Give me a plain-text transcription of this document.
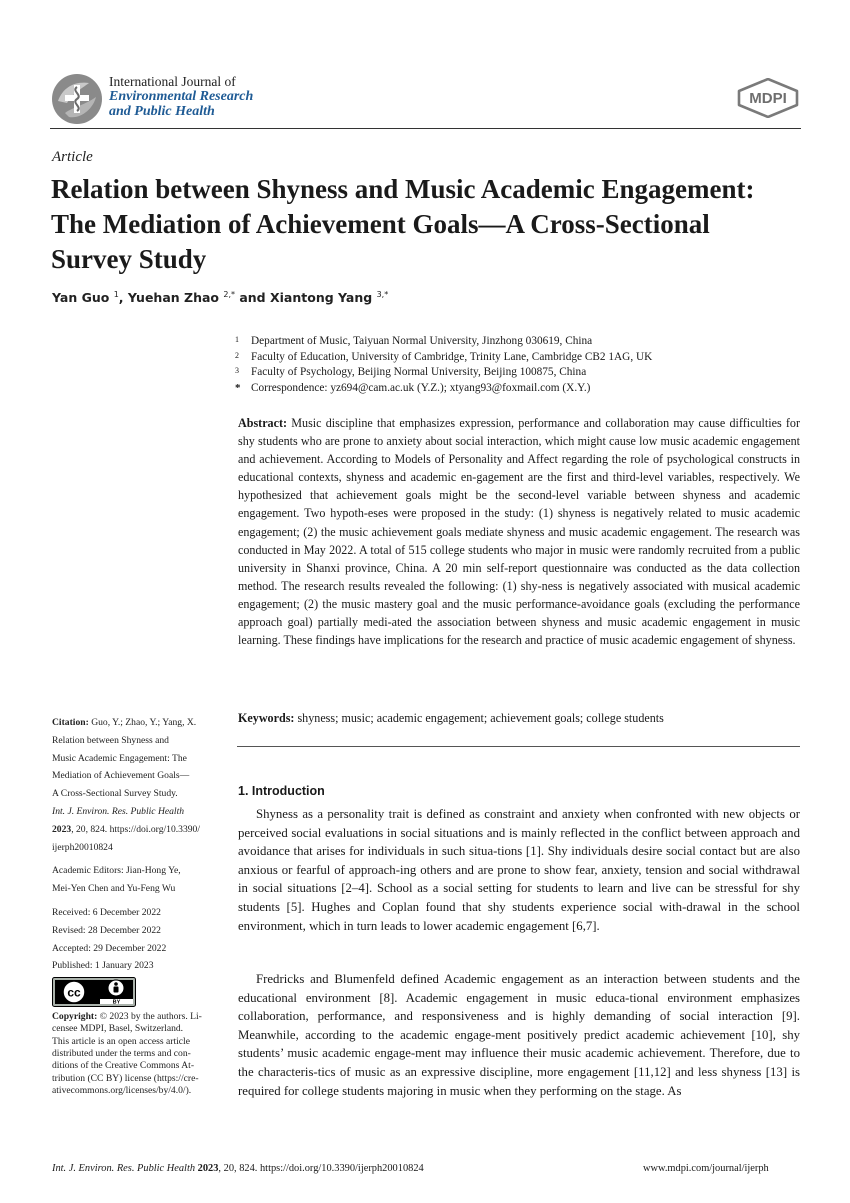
International Journal of
Environmental Research
and Public Health
MDPI
Article
Relation between Shyness and Music Academic Engagement:
The Mediation of Achievement Goals—A Cross-Sectional
Survey Study
Yan Guo $^1$, Yuehan Zhao $^{2,*}$ and Xiantong Yang $^{3,*}$
1 Department of Music, Taiyuan Normal University, Jinzhong 030619, China
2 Faculty of Education, University of Cambridge, Trinity Lane, Cambridge CB2 1AG, UK
3 Faculty of Psychology, Beijing Normal University, Beijing 100875, China
* Correspondence: yz694@cam.ac.uk (Y.Z.); xtyang93@foxmail.com (X.Y.)
Abstract: Music discipline that emphasizes expression, performance and collaboration may cause difficulties for shy students who are prone to anxiety about social interaction, which might cause low music academic engagement and achievement. According to Models of Personality and Affect regarding the role of psychological constructs in educational contexts, shyness and academic en-gagement are the first and third-level variables, respectively. We hypothesized that achievement goals might be the second-level variable between shyness and academic engagement. Two hypoth-eses were proposed in the study: (1) shyness is negatively related to music academic engagement; (2) the music achievement goals mediate shyness and music academic engagement. The research was conducted in May 2022. A total of 515 college students who major in music were randomly recruited from a public university in Shanxi province, China. A 20 min self-report questionnaire was conducted as the data collection method. The research results revealed the following: (1) shy-ness is negatively associated with musical academic engagement; (2) the music mastery goal and the music performance-avoidance goals (excluding the performance approach goal) partially medi-ated the association between shyness and music academic engagement in music learning. These findings have implications for the research and practice of music academic engagement of shyness.
Keywords: shyness; music; academic engagement; achievement goals; college students
1. Introduction

Shyness as a personality trait is defined as constraint and anxiety when confronted with new objects or perceived social evaluations in social situations and is mainly reflected in the conflict between approach and avoidance that arises for individuals in such situa-tions [1]. Shy individuals desire social contact but are also anxious or fearful of approach-ing others and are prone to show fear, anxiety, tension and social withdrawal in social situations [2–4]. School as a social setting for students to learn and live can be stressful for shy students [5]. Hughes and Coplan found that shy students experience social with-drawal in the school environment, which in turn leads to lower academic engagement [6,7].

Fredricks and Blumenfeld defined Academic engagement as an interaction between students and the educational environment [8]. Academic engagement in music educa-tional environment emphasizes collaboration, performance, and responsiveness and is highly demanding of social interaction [9]. Meanwhile, according to the academic engage-ment positively predict academic achievement [10], shy students’ music academic engage-ment may influence their music academic achievement. Therefore, due to the characteris-tics of music as an expressive discipline, more engagement [11,12] and less shyness [13] is required for college students majoring in music when they performing on the stage. As

Citation: Guo, Y.; Zhao, Y.; Yang, X.
Relation between Shyness and
Music Academic Engagement: The
Mediation of Achievement Goals—
A Cross-Sectional Survey Study.
Int. J. Environ. Res. Public Health
2023, 20, 824. https://doi.org/10.3390/
ijerph20010824
Academic Editors: Jian-Hong Ye,
Mei-Yen Chen and Yu-Feng Wu
Received: 6 December 2022
Revised: 28 December 2022
Accepted: 29 December 2022
Published: 1 January 2023
cc
BY
Copyright: © 2023 by the authors. Li-
censee MDPI, Basel, Switzerland.
This article is an open access article
distributed under the terms and con-
ditions of the Creative Commons At-
tribution (CC BY) license (https://cre-
ativecommons.org/licenses/by/4.0/).
Int. J. Environ. Res. Public Health 2023, 20, 824. https://doi.org/10.3390/ijerph20010824	www.mdpi.com/journal/ijerph
